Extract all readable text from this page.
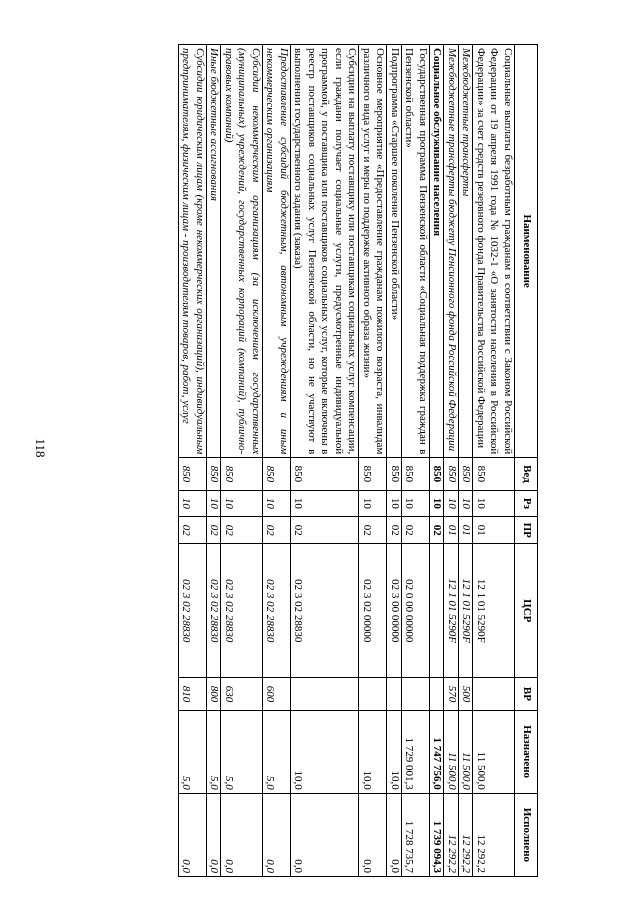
118
Наименование	Вед	Рз	ПР	ЦСР	ВР	Назначено	Исполнено
Социальные выплаты безработным гражданам в соответствии с Законом Российской Федерации от 19 апреля 1991 года № 1032-1 «О занятости населения в Российской Федерации» за счет средств резервного фонда Правительства Российской Федерации	850	10	01	12 1 01 5290F		11 500,0	12 292,2
Межбюджетные трансферты	850	10	01	12 1 01 5290F	500	11 500,0	12 292,2
Межбюджетные трансферты бюджету Пенсионного фонда Российской Федерации	850	10	01	12 1 01 5290F	570	11 500,0	12 292,2
Социальное обслуживание населения	850	10	02			1 747 756,0	1 739 094,3
Государственная программа Пензенской области «Социальная поддержка граждан в Пензенской области»	850	10	02	02 0 00 00000		1 729 001,3	1 728 735,7
Подпрограмма «Старшее поколение Пензенской области»	850	10	02	02 3 00 00000		10,0	0,0
Основное мероприятие «Предоставление гражданам пожилого возраста, инвалидам различного вида услуг и меры по поддержке активного образа жизни»	850	10	02	02 3 02 00000		10,0	0,0
Субсидии на выплату поставщику или поставщикам социальных услуг компенсации, если граждани получает социальные услуги, предусмотренные индивидуальной программой, у поставщика или поставщиков социальных услуг, которые включены в реестр поставщиков социальных услуг Пензенской области, но не участвуют в выполнении государственного задания (заказа)	850	10	02	02 3 02 28830		10,0	0,0
Предоставление субсидий бюджетным, автономным учреждениям и иным некоммерческим организациям	850	10	02	02 3 02 28830	600	5,0	0,0
Субсидии некоммерческим организациям (за исключением государственных (муниципальных) учреждений, государственных корпораций (компаний), публично-правовых компаний)	850	10	02	02 3 02 28830	630	5,0	0,0
Иные бюджетные ассигнования	850	10	02	02 3 02 28830	800	5,0	0,0
Субсидии юридическим лицам (кроме некоммерческих организаций), индивидуальным предпринимателям, физическим лицам - производителям товаров, работ, услуг	850	10	02	02 3 02 28830	810	5,0	0,0
